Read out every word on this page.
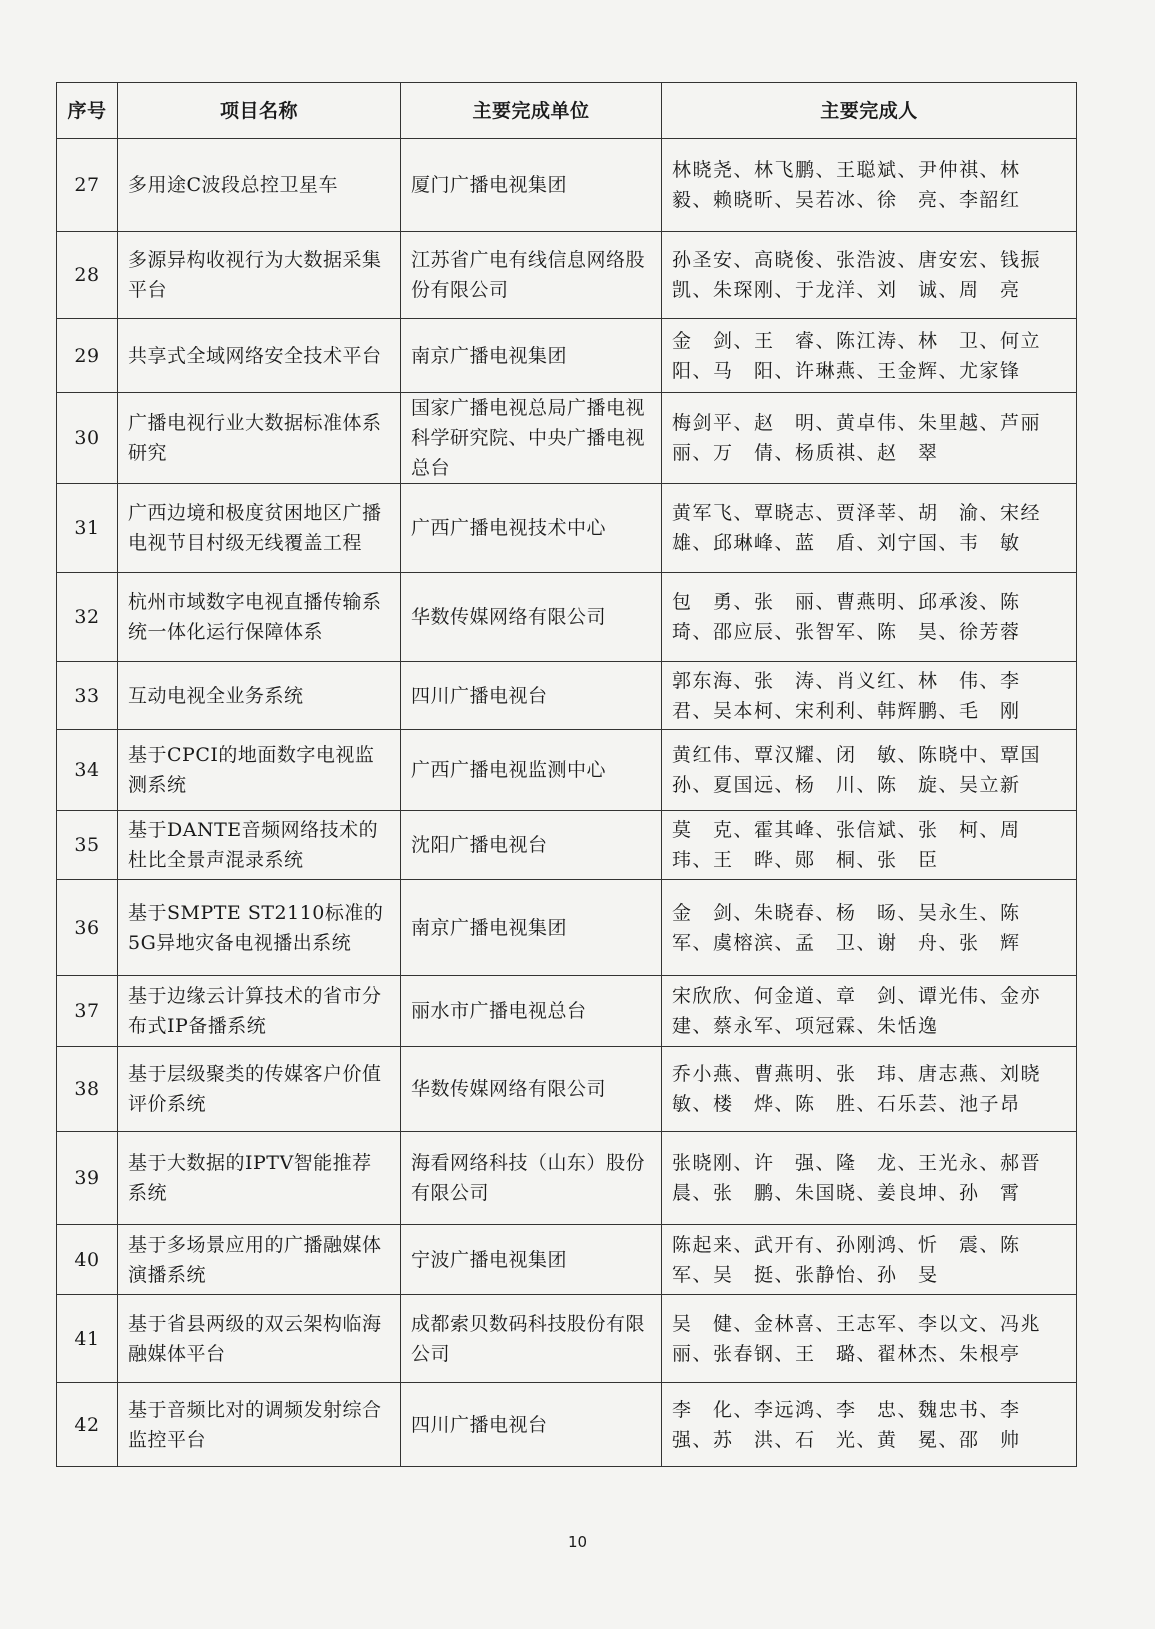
序号	项目名称	主要完成单位	主要完成人
27	多用途C波段总控卫星车	厦门广播电视集团	林晓尧、林飞鹏、王聪斌、尹仲祺、林　毅、赖晓昕、吴若冰、徐　亮、李韶红
28	多源异构收视行为大数据采集平台	江苏省广电有线信息网络股份有限公司	孙圣安、高晓俊、张浩波、唐安宏、钱振凯、朱琛刚、于龙洋、刘　诚、周　亮
29	共享式全域网络安全技术平台	南京广播电视集团	金　剑、王　睿、陈江涛、林　卫、何立阳、马　阳、许琳燕、王金辉、尤家锋
30	广播电视行业大数据标准体系研究	国家广播电视总局广播电视科学研究院、中央广播电视总台	梅剑平、赵　明、黄卓伟、朱里越、芦丽丽、万　倩、杨质祺、赵　翠
31	广西边境和极度贫困地区广播电视节目村级无线覆盖工程	广西广播电视技术中心	黄军飞、覃晓志、贾泽莘、胡　渝、宋经雄、邱琳峰、蓝　盾、刘宁国、韦　敏
32	杭州市域数字电视直播传输系统一体化运行保障体系	华数传媒网络有限公司	包　勇、张　丽、曹燕明、邱承浚、陈　琦、邵应辰、张智军、陈　昊、徐芳蓉
33	互动电视全业务系统	四川广播电视台	郭东海、张　涛、肖义红、林　伟、李　君、吴本柯、宋利利、韩辉鹏、毛　刚
34	基于CPCI的地面数字电视监测系统	广西广播电视监测中心	黄红伟、覃汉耀、闭　敏、陈晓中、覃国孙、夏国远、杨　川、陈　旋、吴立新
35	基于DANTE音频网络技术的杜比全景声混录系统	沈阳广播电视台	莫　克、霍其峰、张信斌、张　柯、周　玮、王　晔、郧　桐、张　臣
36	基于SMPTE ST2110标准的5G异地灾备电视播出系统	南京广播电视集团	金　剑、朱晓春、杨　旸、吴永生、陈　军、虞榕滨、孟　卫、谢　舟、张　辉
37	基于边缘云计算技术的省市分布式IP备播系统	丽水市广播电视总台	宋欣欣、何金道、章　剑、谭光伟、金亦建、蔡永军、项冠霖、朱恬逸
38	基于层级聚类的传媒客户价值评价系统	华数传媒网络有限公司	乔小燕、曹燕明、张　玮、唐志燕、刘晓敏、楼　烨、陈　胜、石乐芸、池子昂
39	基于大数据的IPTV智能推荐系统	海看网络科技（山东）股份有限公司	张晓刚、许　强、隆　龙、王光永、郝晋晨、张　鹏、朱国晓、姜良坤、孙　霄
40	基于多场景应用的广播融媒体演播系统	宁波广播电视集团	陈起来、武开有、孙刚鸿、忻　震、陈　军、吴　挺、张静怡、孙　旻
41	基于省县两级的双云架构临海融媒体平台	成都索贝数码科技股份有限公司	吴　健、金林喜、王志军、李以文、冯兆丽、张春钢、王　璐、翟林杰、朱根亭
42	基于音频比对的调频发射综合监控平台	四川广播电视台	李　化、李远鸿、李　忠、魏忠书、李　强、苏　洪、石　光、黄　冕、邵　帅
10
